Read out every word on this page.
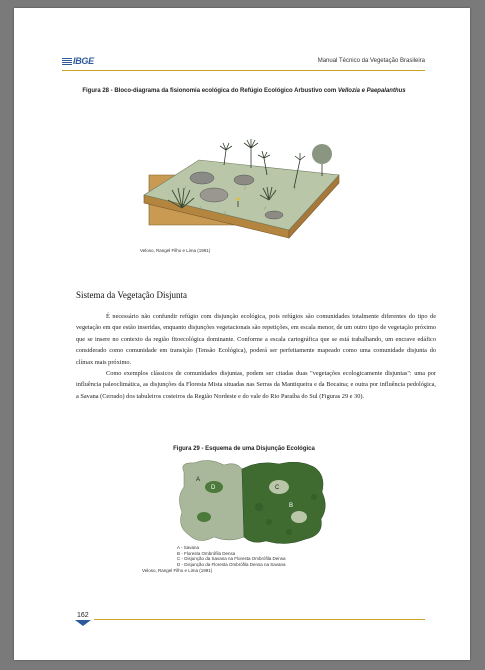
IBGE	Manual Técnico da Vegetação Brasileira
Figura 28 - Bloco-diagrama da fisionomia ecológica do Refúgio Ecológico Arbustivo com Vellozia e Paepalanthus
Veloso, Rangel Filho e Lima (1991)
Sistema da Vegetação Disjunta

É necessário não confundir refúgio com disjunção ecológica, pois refúgios são comunidades totalmente diferentes do tipo de vegetação em que estão inseridas, enquanto disjunções vegetacionais são repetições, em escala menor, de um outro tipo de vegetação próximo que se insere no contexto da região fitoecológica dominante. Conforme a escala cartográfica que se está trabalhando, um encrave edáfico considerado como comunidade em transição (Tensão Ecológica), poderá ser perfeitamente mapeado como uma comunidade disjunta do clímax mais próximo.

Como exemplos clássicos de comunidades disjuntas, podem ser citadas duas "vegetações ecologicamente disjuntas": uma por influência paleoclimática, as disjunções da Floresta Mista situadas nas Serras da Mantiqueira e da Bocaina; e outra por influência pedológica, a Savana (Cerrado) dos tabuleiros costeiros da Região Nordeste e do vale do Rio Paraíba do Sul (Figuras 29 e 30).

Figura 29 - Esquema de uma Disjunção Ecológica
A
B
C
D
A - Savana
B - Floresta Ombrófila Densa
C - Disjunção da Savana na Floresta Ombrófila Densa
D - Disjunção da Floresta Ombrófila Densa na Savana
Veloso, Rangel Filho e Lima (1991)
162
